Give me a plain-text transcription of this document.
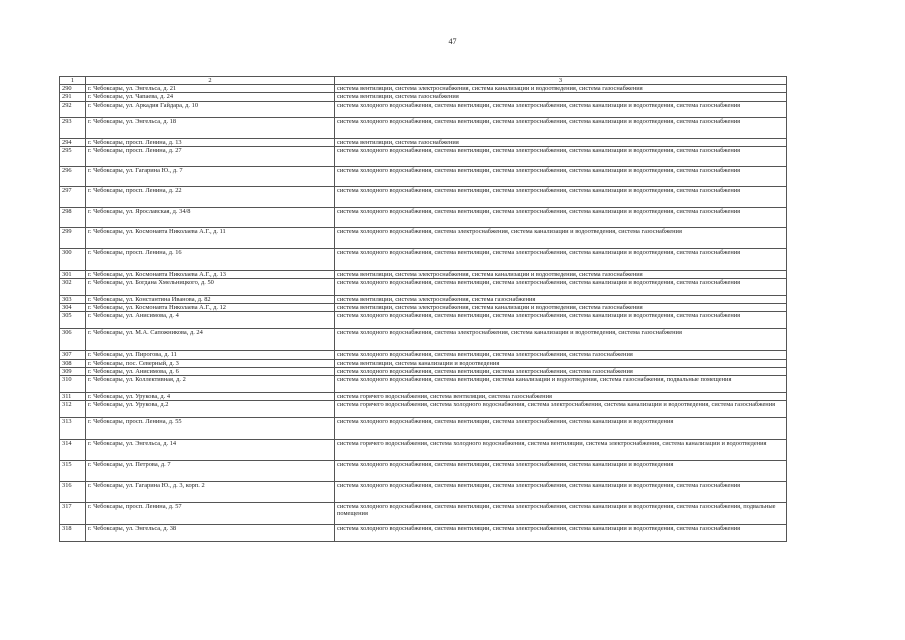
47
1	2	3
290	г. Чебоксары, ул. Энгельса, д. 21	система вентиляции, система электроснабжения, система канализации и водоотведения, система газоснабжения
291	г. Чебоксары, ул. Чапаева, д. 24	система вентиляции, система газоснабжения
292	г. Чебоксары, ул. Аркадия Гайдара, д. 10	система холодного водоснабжения, система вентиляции, система электроснабжения, система канализации и водоотведения, система газоснабжения
293	г. Чебоксары, ул. Энгельса, д. 18	система холодного водоснабжения, система вентиляции, система электроснабжения, система канализации и водоотведения, система газоснабжения
294	г. Чебоксары, просп. Ленина, д. 13	система вентиляции, система газоснабжения
295	г. Чебоксары, просп. Ленина, д. 27	система холодного водоснабжения, система вентиляции, система электроснабжения, система канализации и водоотведения, система газоснабжения
296	г. Чебоксары, ул. Гагарина Ю., д. 7	система холодного водоснабжения, система вентиляции, система электроснабжения, система канализации и водоотведения, система газоснабжения
297	г. Чебоксары, просп. Ленина, д. 22	система холодного водоснабжения, система вентиляции, система электроснабжения, система канализации и водоотведения, система газоснабжения
298	г. Чебоксары, ул. Ярославская, д. 34/8	система холодного водоснабжения, система вентиляции, система электроснабжения, система канализации и водоотведения, система газоснабжения
299	г. Чебоксары, ул. Космонавта Николаева А.Г., д. 11	система холодного водоснабжения, система электроснабжения, система канализации и водоотведения, система газоснабжения
300	г. Чебоксары, просп. Ленина, д. 16	система холодного водоснабжения, система вентиляции, система электроснабжения, система канализации и водоотведения, система газоснабжения
301	г. Чебоксары, ул. Космонавта Николаева А.Г., д. 13	система вентиляции, система электроснабжения, система канализации и водоотведения, система газоснабжения
302	г. Чебоксары, ул. Богдана Хмельницкого, д. 50	система холодного водоснабжения, система вентиляции, система электроснабжения, система канализации и водоотведения, система газоснабжения
303	г. Чебоксары, ул. Константина Иванова, д. 82	система вентиляции, система электроснабжения, система газоснабжения
304	г. Чебоксары, ул. Космонавта Николаева А.Г., д. 12	система вентиляции, система электроснабжения, система канализации и водоотведения, система газоснабжения
305	г. Чебоксары, ул. Анисимова, д. 4	система холодного водоснабжения, система вентиляции, система электроснабжения, система канализации и водоотведения, система газоснабжения
306	г. Чебоксары, ул. М.А. Сапожникова, д. 24	система холодного водоснабжения, система электроснабжения, система канализации и водоотведения, система газоснабжения
307	г. Чебоксары, ул. Пирогова, д. 11	система холодного водоснабжения, система вентиляции, система электроснабжения, система газоснабжения
308	г. Чебоксары, пос. Северный, д. 3	система вентиляции, система канализации и водоотведения
309	г. Чебоксары, ул. Анисимова, д. 6	система холодного водоснабжения, система вентиляции, система электроснабжения, система газоснабжения
310	г. Чебоксары, ул. Коллективная, д. 2	система холодного водоснабжения, система вентиляции, система канализации и водоотведения, система газоснабжения, подвальные помещения
311	г. Чебоксары, ул. Урукова, д. 4	система горячего водоснабжения, система вентиляции, система газоснабжения
312	г. Чебоксары, ул. Урукова, д.2	система горячего водоснабжения, система холодного водоснабжения, система электроснабжения, система канализации и водоотведения, система газоснабжения
313	г. Чебоксары, просп. Ленина, д. 55	система холодного водоснабжения, система вентиляции, система электроснабжения, система канализации и водоотведения
314	г. Чебоксары, ул. Энгельса, д. 14	система горячего водоснабжения, система холодного водоснабжения, система вентиляции, система электроснабжения, система канализации и водоотведения
315	г. Чебоксары, ул. Петрова, д. 7	система холодного водоснабжения, система вентиляции, система электроснабжения, система канализации и водоотведения
316	г. Чебоксары, ул. Гагарина Ю., д. 3, корп. 2	система холодного водоснабжения, система вентиляции, система электроснабжения, система канализации и водоотведения, система газоснабжения
317	г. Чебоксары, просп. Ленина, д. 57	система холодного водоснабжения, система вентиляции, система электроснабжения, система канализации и водоотведения, система газоснабжения, подвальные помещения
318	г. Чебоксары, ул. Энгельса, д. 38	система холодного водоснабжения, система вентиляции, система электроснабжения, система канализации и водоотведения, система газоснабжения
